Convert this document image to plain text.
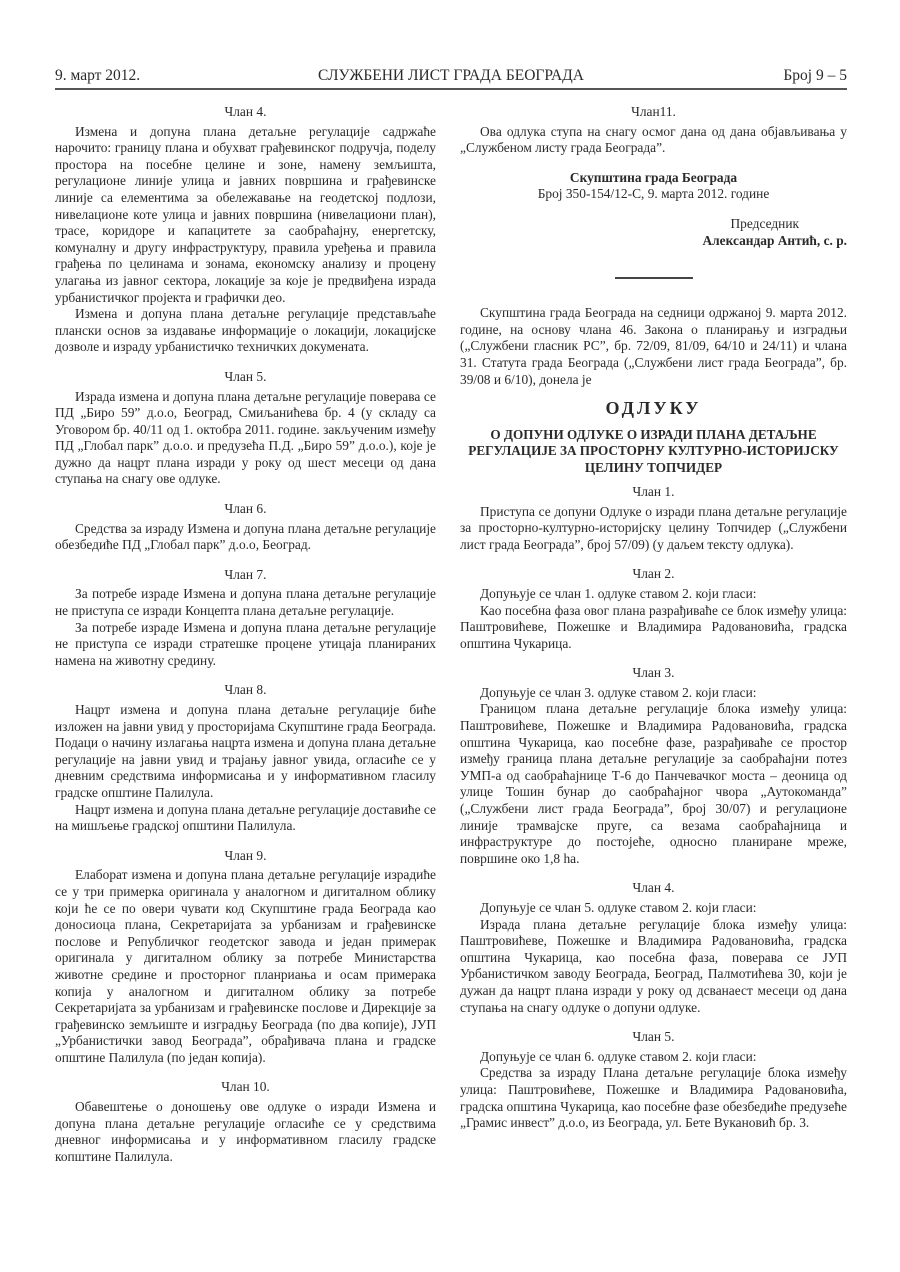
9. март 2012.	СЛУЖБЕНИ ЛИСТ ГРАДА БЕОГРАДА	Број 9 – 5

Члан 4.

Измена и допуна плана детаљне регулације садржаће нарочито: границу плана и обухват грађевинског подручја, поделу простора на посебне целине и зоне, намену земљишта, регулационе линије улица и јавних површина и грађевинске линије са елементима за обележавање на геодетској подлози, нивелационе коте улица и јавних површина (нивелациони план), трасе, коридоре и капацитете за саобраћајну, енергетску, комуналну и другу инфраструктуру, правила уређења и правила грађења по целинама и зонама, економску анализу и процену улагања из јавног сектора, локације за које је предвиђена израда урбанистичког пројекта и графички део.

Измена и допуна плана детаљне регулације представљаће плански основ за издавање информације о локацији, локацијске дозволе и израду урбанистичко техничких докумената.

Члан 5.

Израда измена и допуна плана детаљне регулације поверава се ПД „Биро 59” д.о.о, Београд, Смиљанићева бр. 4 (у складу са Уговором бр. 40/11 од 1. октобра 2011. године. закљученим између ПД „Глобал парк” д.о.о. и предузећа П.Д. „Биро 59” д.о.о.), које је дужно да нацрт плана изради у року од шест месеци од дана ступања на снагу ове одлуке.

Члан 6.

Средства за израду Измена и допуна плана детаљне регулације обезбедиће ПД „Глобал парк” д.о.о, Београд.

Члан 7.

За потребе израде Измена и допуна плана детаљне регулације не приступа се изради Концепта плана детаљне регулације.

За потребе израде Измена и допуна плана детаљне регулације не приступа се изради стратешке процене утицаја планираних намена на животну средину.

Члан 8.

Нацрт измена и допуна плана детаљне регулације биће изложен на јавни увид у просторијама Скупштине града Београда. Подаци о начину излагања нацрта измена и допуна плана детаљне регулације на јавни увид и трајању јавног увида, огласиће се у дневним средствима информисања и у информативном гласилу градске општине Палилула.

Нацрт измена и допуна плана детаљне регулације доставиће се на мишљење градској општини Палилула.

Члан 9.

Елаборат измена и допуна плана детаљне регулације израдиће се у три примерка оригинала у аналогном и дигиталном облику који ће се по овери чувати код Скупштине града Београда као доносиоца плана, Секретаријата за урбанизам и грађевинске послове и Републичког геодетског завода и један примерак оригинала у дигиталном облику за потребе Министарства животне средине и просторног планриања и осам примерака копија у аналогном и дигиталном облику за потребе Секретаријата за урбанизам и грађевинске послове и Дирекције за грађевинско земљиште и изградњу Београда (по два копије), ЈУП „Урбанистички завод Београда”, обрађивача плана и градске општине Палилула (по један копија).

Члан 10.

Обавештење о доношењу ове одлуке о изради Измена и допуна плана детаљне регулације огласиће се у средствима дневног информисања и у информативном гласилу градске копштине Палилула.

Члан11.

Ова одлука ступа на снагу осмог дана од дана објављивања у „Службеном листу града Београда”.

Скупштина града Београда

Број 350-154/12-С, 9. марта 2012. године

Председник

Александар Антић, с. р.

Скупштина града Београда на седници одржаној 9. марта 2012. године, на основу члана 46. Закона о планирању и изградњи („Службени гласник РС”, бр. 72/09, 81/09, 64/10 и 24/11) и члана 31. Статута града Београда („Службени лист града Београда”, бр. 39/08 и 6/10), донела је

ОДЛУКУ

О ДОПУНИ ОДЛУКЕ О ИЗРАДИ ПЛАНА ДЕТАЉНЕ РЕГУЛАЦИЈЕ ЗА ПРОСТОРНУ КУЛТУРНО-ИСТОРИЈСКУ ЦЕЛИНУ ТОПЧИДЕР

Члан 1.

Приступа се допуни Одлуке о изради плана детаљне регулације за просторно-културно-историјску целину Топчидер („Службени лист града Београда”, број 57/09) (у даљем тексту одлука).

Члан 2.

Допуњује се члан 1. одлуке ставом 2. који гласи:

Као посебна фаза овог плана разрађиваће се блок између улица: Паштровићеве, Пожешке и Владимира Радовановића, градска општина Чукарица.

Члан 3.

Допуњује се члан 3. одлуке ставом 2. који гласи:

Границом плана детаљне регулације блока између улица: Паштровићеве, Пожешке и Владимира Радовановића, градска општина Чукарица, као посебне фазе, разрађиваће се простор између граница плана детаљне регулације за саобраћајни потез УМП-а од саобраћајнице Т-6 до Панчевачког моста – деоница од улице Тошин бунар до саобраћајног чвора „Аутокоманда” („Службени лист града Београда”, број 30/07) и регулационе линије трамвајске пруге, са везама саобраћајница и инфраструктуре до постојеће, односно планиране мреже, површине око 1,8 ha.

Члан 4.

Допуњује се члан 5. одлуке ставом 2. који гласи:

Израда плана детаљне регулације блока између улица: Паштровићеве, Пожешке и Владимира Радовановића, градска општина Чукарица, као посебна фаза, поверава се ЈУП Урбанистичком заводу Београда, Београд, Палмотићева 30, који је дужан да нацрт плана изради у року од дсванаест месеци од дана ступања на снагу одлуке о допуни одлуке.

Члан 5.

Допуњује се члан 6. одлуке ставом 2. који гласи:

Средства за израду Плана детаљне регулације блока између улица: Паштровићеве, Пожешке и Владимира Радовановића, градска општина Чукарица, као посебне фазе обезбедиће предузеће „Грамис инвест” д.о.о, из Београда, ул. Бете Вукановић бр. 3.
